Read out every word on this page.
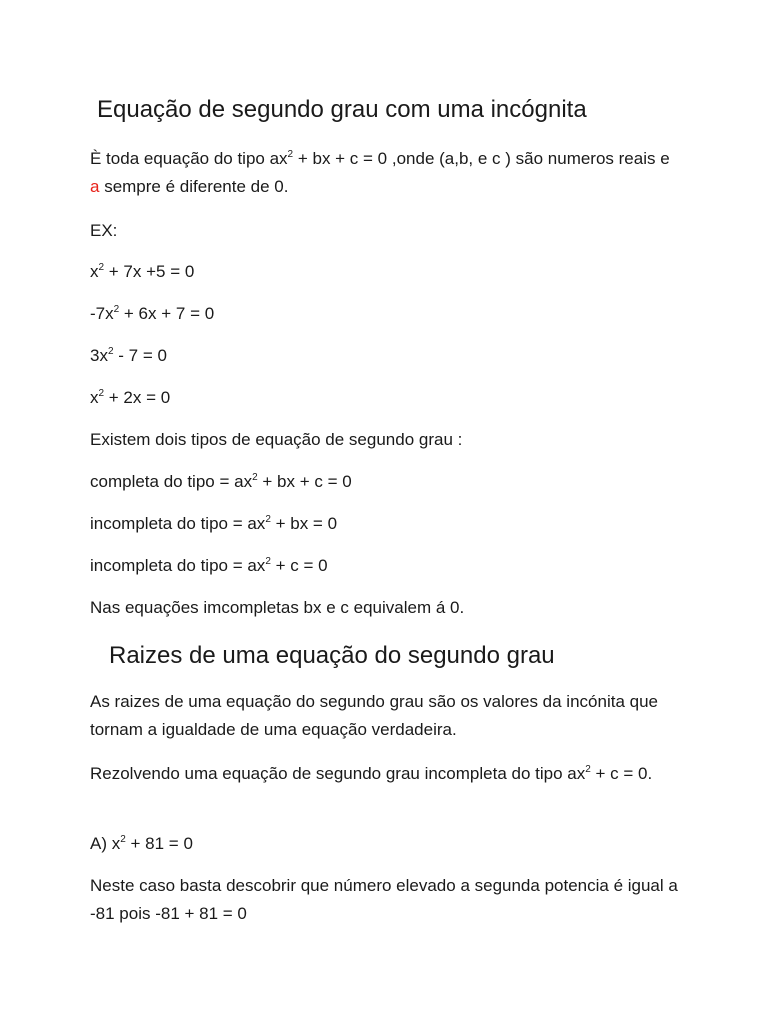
Equação de segundo grau com uma incógnita

È toda equação do tipo $ax^2$ + bx + c = 0 ,onde (a,b, e c ) são numeros reais e a sempre é diferente de 0.

EX:

$x^2 + 7x +5 = 0$

$-7x^2 + 6x + 7 = 0$

$3x^2 - 7 = 0$

$x^2 + 2x = 0$

Existem dois tipos de equação de segundo grau :

completa do tipo = $ax^2$ + bx + c = 0

incompleta do tipo = $ax^2$ + bx = 0

incompleta do tipo = $ax^2 + c = 0$

Nas equações imcompletas bx e c equivalem á 0.

Raizes de uma equação do segundo grau

As raizes de uma equação do segundo grau são os valores da incónita que tornam a igualdade de uma equação verdadeira.

Rezolvendo uma equação de segundo grau incompleta do tipo $ax^2 + c = 0$.

A) $x^2 + 81 = 0$

Neste caso basta descobrir que número elevado a segunda potencia é igual a -81 pois -81 + 81 = 0
